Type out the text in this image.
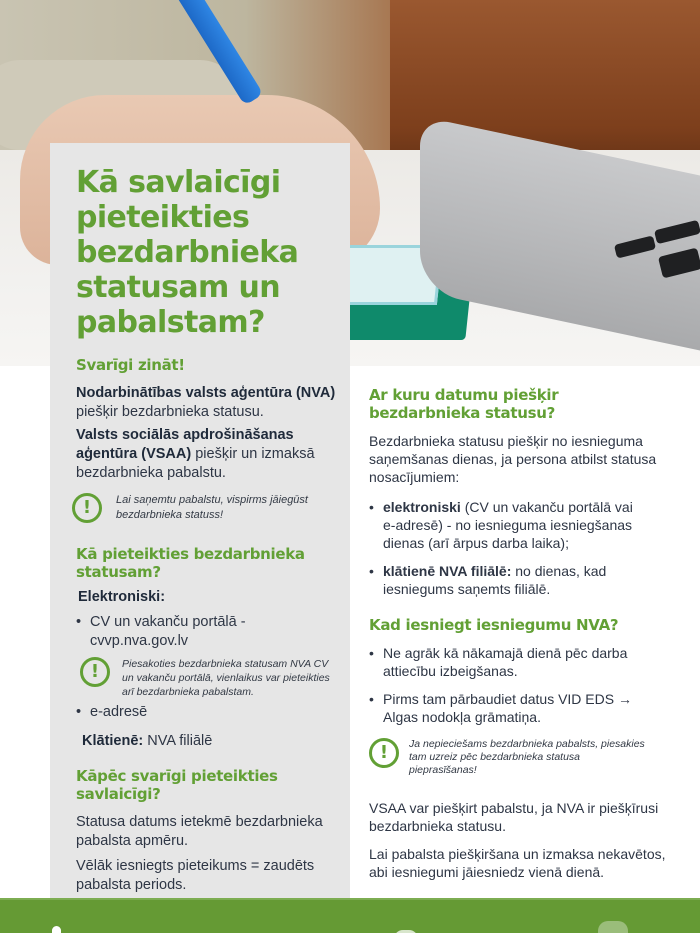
Kā savlaicīgi pieteikties bezdarbnieka statusam un pabalstam?
Svarīgi zināt!

Nodarbinātības valsts aģentūra (NVA) piešķir bezdarbnieka statusu.

Valsts sociālās apdrošināšanas aģentūra (VSAA) piešķir un izmaksā bezdarbnieka pabalstu.

!	Lai saņemtu pabalstu, vispirms jāiegūst bezdarbnieka statuss!
Kā pieteikties bezdarbnieka statusam?
Elektroniski:
• CV un vakanču portālā - cvvp.nva.gov.lv
!	Piesakoties bezdarbnieka statusam NVA CV un vakanču portālā, vienlaikus var pieteikties arī bezdarbnieka pabalstam.
• e-adresē

Klātienē: NVA filiālē

Kāpēc svarīgi pieteikties savlaicīgi?

Statusa datums ietekmē bezdarbnieka pabalsta apmēru.

Vēlāk iesniegts pieteikums = zaudēts pabalsta periods.

Ar kuru datumu piešķir bezdarbnieka statusu?

Bezdarbnieka statusu piešķir no iesnieguma saņemšanas dienas, ja persona atbilst statusa nosacījumiem:

• elektroniski (CV un vakanču portālā vai e-adresē) - no iesnieguma iesniegšanas dienas (arī ārpus darba laika);
• klātienē NVA filiālē: no dienas, kad iesniegums saņemts filiālē.
Kad iesniegt iesniegumu NVA?
• Ne agrāk kā nākamajā dienā pēc darba attiecību izbeigšanas.
• Pirms tam pārbaudiet datus VID EDS → Algas nodokļa grāmatiņa.
!	Ja nepieciešams bezdarbnieka pabalsts, piesakies tam uzreiz pēc bezdarbnieka statusa pieprasīšanas!

VSAA var piešķirt pabalstu, ja NVA ir piešķīrusi bezdarbnieka statusu.

Lai pabalsta piešķiršana un izmaksa nekavētos, abi iesniegumi jāiesniedz vienā dienā.
